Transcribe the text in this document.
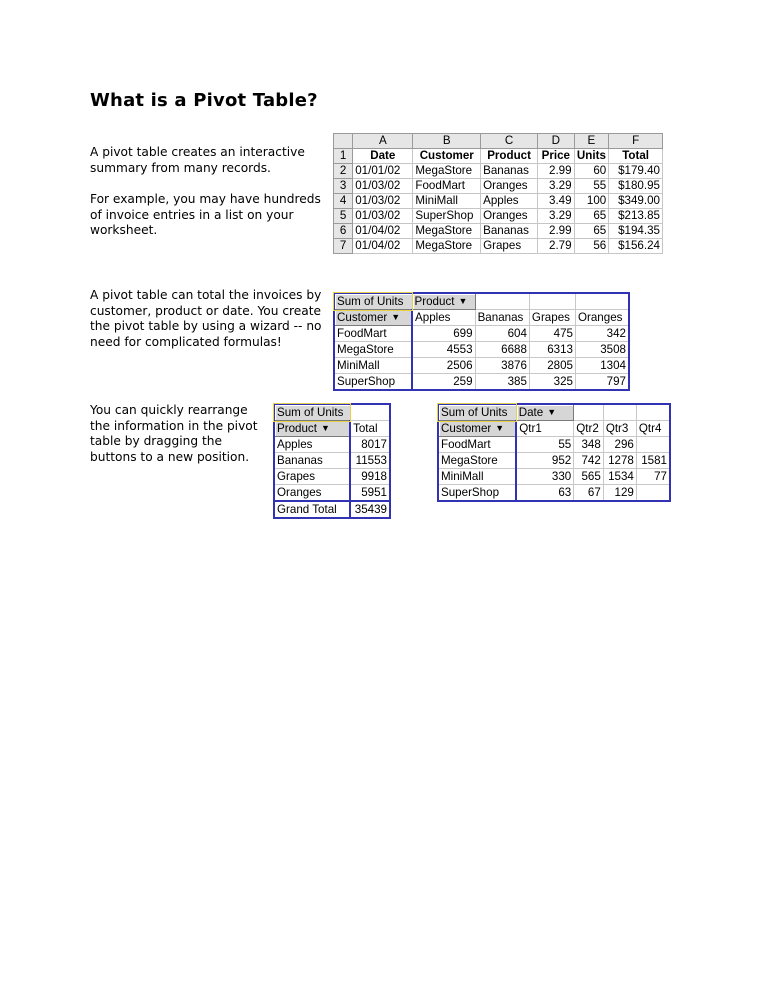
What is a Pivot Table?

A pivot table creates an interactive summary from many records.

For example, you may have hundreds of invoice entries in a list on your worksheet.

A pivot table can total the invoices by customer, product or date. You create the pivot table by using a wizard -- no need for complicated formulas!

You can quickly rearrange the information in the pivot table by dragging the buttons to a new position.

	A	B	C	D	E	F
1	Date	Customer	Product	Price	Units	Total
2	01/01/02	MegaStore	Bananas	2.99	60	$179.40
3	01/03/02	FoodMart	Oranges	3.29	55	$180.95
4	01/03/02	MiniMall	Apples	3.49	100	$349.00
5	01/03/02	SuperShop	Oranges	3.29	65	$213.85
6	01/04/02	MegaStore	Bananas	2.99	65	$194.35
7	01/04/02	MegaStore	Grapes	2.79	56	$156.24
Sum of Units	Product ▼			
Customer ▼	Apples	Bananas	Grapes	Oranges
FoodMart	699	604	475	342
MegaStore	4553	6688	6313	3508
MiniMall	2506	3876	2805	1304
SuperShop	259	385	325	797
Sum of Units	
Product ▼	Total
Apples	8017
Bananas	11553
Grapes	9918
Oranges	5951
Grand Total	35439
Sum of Units	Date ▼			
Customer ▼	Qtr1	Qtr2	Qtr3	Qtr4
FoodMart	55	348	296	
MegaStore	952	742	1278	1581
MiniMall	330	565	1534	77
SuperShop	63	67	129	
